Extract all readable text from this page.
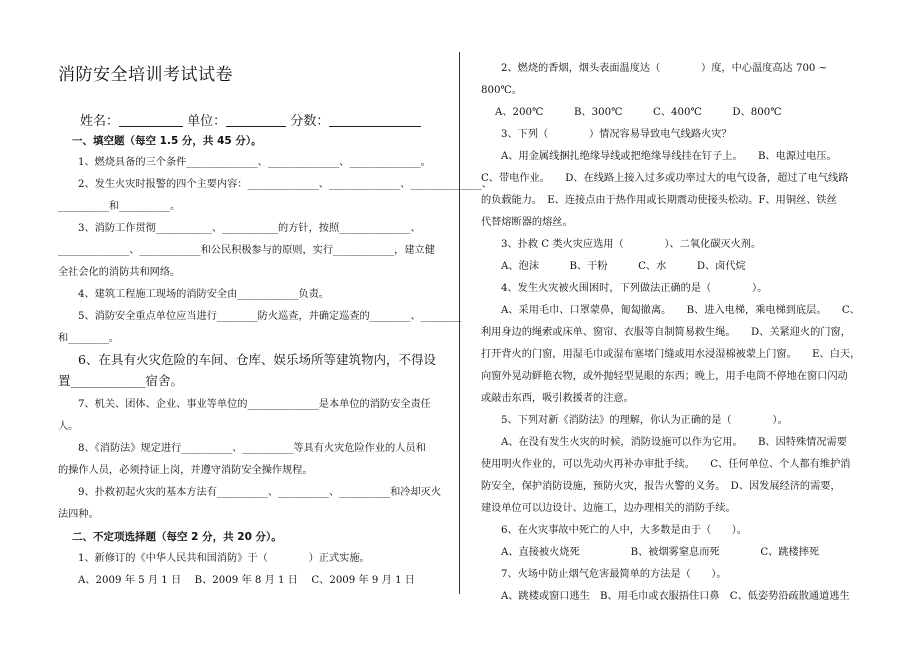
消防安全培训考试试卷
姓名：	单位：	分数：
一、填空题（每空 1.5 分，共 45 分）。
1、燃烧具备的三个条件______________、______________、______________。
2、发生火灾时报警的四个主要内容：______________、______________、______________、
__________和__________。
3、消防工作贯彻___________、___________的方针，按照______________、
______________、____________和公民积极参与的原则，实行____________，建立健
全社会化的消防共和网络。
4、建筑工程施工现场的消防安全由____________负责。
5、消防安全重点单位应当进行________防火巡查，并确定巡查的________、________
和________。
6、在具有火灾危险的车间、仓库、娱乐场所等建筑物内，不得设
置____________宿舍。
7、机关、团体、企业、事业等单位的______________是本单位的消防安全责任
人。
8、《消防法》规定进行__________、__________等具有火灾危险作业的人员和
的操作人员，必须持证上岗，并遵守消防安全操作规程。
9、扑救初起火灾的基本方法有__________、__________、__________和冷却灭火
法四种。
二、不定项选择题（每空 2 分，共 20 分）。
1、新修订的《中华人民共和国消防》于（　　　　）正式实施。
A、2009 年 5 月 1 日　 B、2009 年 8 月 1 日　 C、2009 年 9 月 1 日
2、燃烧的香烟，烟头表面温度达（　　　　）度，中心温度高达 700 ~
800℃。
A、200℃　　　B、300℃　　　C、400℃　　　D、800℃
3、下列（　　　　）情况容易导致电气线路火灾？
A、用金属线捆扎绝缘导线或把绝缘导线挂在钉子上。　　B、电源过电压。
C、带电作业。　　D、在线路上接入过多或功率过大的电气设备，超过了电气线路
的负载能力。　E、连接点由于热作用或长期震动使接头松动。F、用铜丝、铁丝
代替熔断器的熔丝。
3、扑救 C 类火灾应选用（　　　　）、二氧化碳灭火剂。
A、泡沫　　　B、干粉　　　C、水　　　D、卤代烷
4、发生火灾被火围困时，下列做法正确的是（　　　　）。
A、采用毛巾、口罩蒙鼻，匍匐撤离。　　B、进入电梯，乘电梯到底层。　　C、
利用身边的绳索或床单、窗帘、衣服等自制简易救生绳。　　D、关紧迎火的门窗，
打开背火的门窗，用湿毛巾或湿布塞堵门缝或用水浸湿棉被蒙上门窗。　　E、白天，
向窗外晃动鲜艳衣物，或外抛轻型晃眼的东西；晚上，用手电筒不停地在窗口闪动
或敲击东西，吸引救援者的注意。
5、下列对新《消防法》的理解，你认为正确的是（　　　　）。
A、在没有发生火灾的时候，消防设施可以作为它用。　　B、因特殊情况需要
使用明火作业的，可以先动火再补办审批手续。　　C、任何单位、个人都有维护消
防安全，保护消防设施，预防火灾，报告火警的义务。　D、因发展经济的需要，
建设单位可以边设计、边施工，边办理相关的消防手续。
6、在火灾事故中死亡的人中，大多数是由于（　　）。
A、直接被火烧死　　　　　B、被烟雾窒息而死　　　　C、跳楼摔死
7、火场中防止烟气危害最简单的方法是（　　）。
A、跳楼或窗口逃生　B、用毛巾或衣服捂住口鼻　C、低姿势沿疏散通道逃生
